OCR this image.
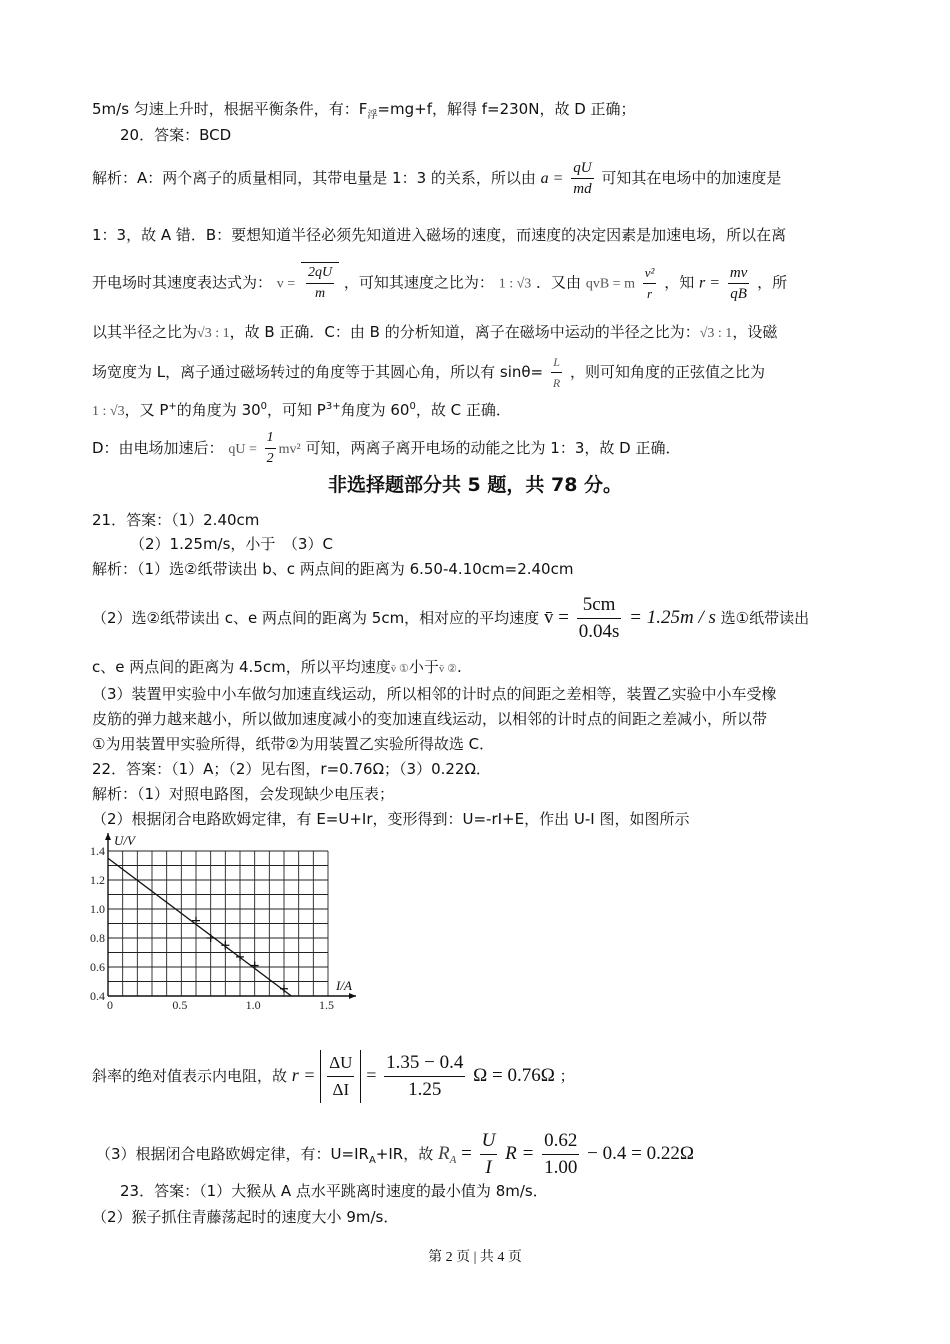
5m/s 匀速上升时，根据平衡条件，有：$F_浮=mg+f$，解得 f=230N，故 D 正确；
20．答案：BCD
解析：A：两个离子的质量相同，其带电量是 1：3 的关系，所以由 $a = \frac{qU}{md}$ 可知其在电场中的加速度是
1：3，故 A 错．B：要想知道半径必须先知道进入磁场的速度，而速度的决定因素是加速电场，所以在离
开电场时其速度表达式为： $v = \frac{2qU}{m}$ ，可知其速度之比为： 1 : √3 ．又由 qvB = m $\frac{\text{v²}}{r}$ ，知 $r = \frac{mv}{qB}$ ，所
以其半径之比为√3 : 1，故 B 正确．C：由 B 的分析知道，离子在磁场中运动的半径之比为：√3 : 1，设磁
场宽度为 L，离子通过磁场转过的角度等于其圆心角，所以有 $\sin\theta= \frac{L}{R}$ ，则可知角度的正弦值之比为
1 : √3，又 P+的角度为 $30^0$，可知 $P^{3+}$角度为 $60^0$，故 C 正确．
D：由电场加速后： qU = $\frac{1}{2} mv^2$ 可知，两离子离开电场的动能之比为 1：3，故 D 正确．
非选择题部分共 5 题，共 78 分。
21．答案：（1）2.40cm
（2）1.25m/s，小于　（3）C
解析：（1）选②纸带读出 b、c 两点间的距离为 6.50-4.10cm=2.40cm
（2）选②纸带读出 c、e 两点间的距离为 5cm，相对应的平均速度 v̄ = $\frac{5cm}{0.04s} = 1.25m / s$ 选①纸带读出
c、e 两点间的距离为 4.5cm，所以平均速度v̄ ①小于v̄ ②.
（3）装置甲实验中小车做匀加速直线运动，所以相邻的计时点的间距之差相等，装置乙实验中小车受橡
皮筋的弹力越来越小，所以做加速度减小的变加速直线运动，以相邻的计时点的间距之差减小，所以带
①为用装置甲实验所得，纸带②为用装置乙实验所得故选 C．
22．答案：（1）A；（2）见右图，r=0.76Ω；（3）0.22Ω．
解析：（1）对照电路图，会发现缺少电压表；
（2）根据闭合电路欧姆定律，有 E=U+Ir，变形得到：U=-rI+E，作出 U-I 图，如图所示
U/V
I/A
0	0.5	1.0	1.5
1.4
1.2
1.0
0.8
0.6
0.4
斜率的绝对值表示内电阻，故 $r = \frac{\Delta U}{\Delta I} = \frac{1.35 - 0.4}{1.25}$ Ω = 0.76Ω ；
（3）根据闭合电路欧姆定律，有：$U=IR_A+IR$，故 $R_A = \frac{U}{I}$ $R = \frac{0.62}{1.00} - 0.4 = 0.22\Omega$
23．答案：（1）大猴从 A 点水平跳离时速度的最小值为 8m/s．
（2）猴子抓住青藤荡起时的速度大小 9m/s．
第 2 页 | 共 4 页
